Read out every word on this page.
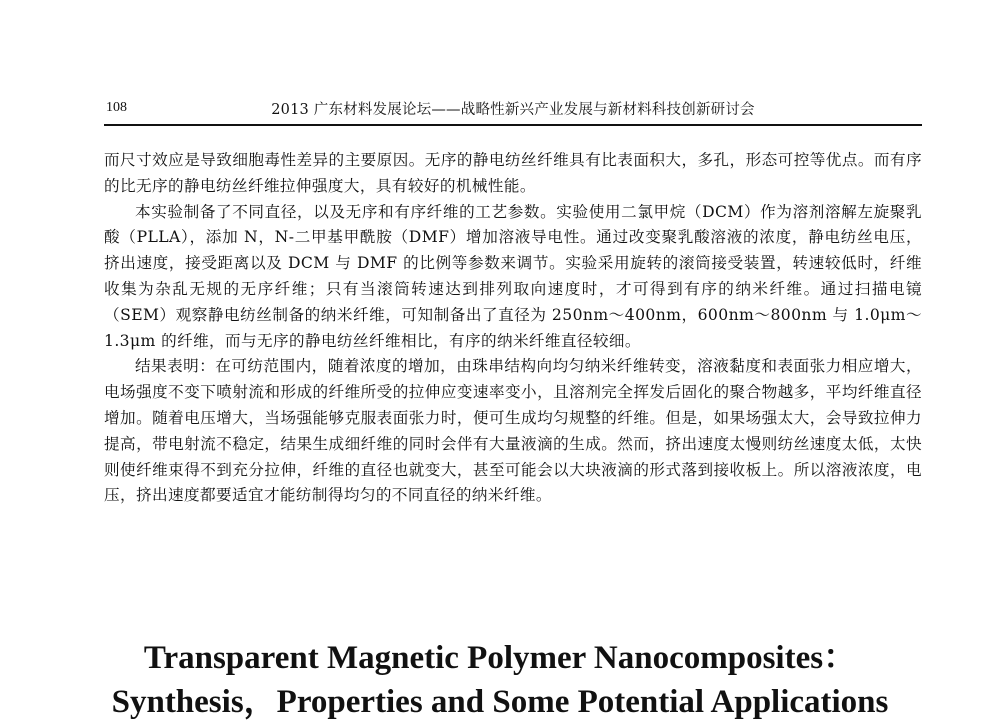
108	2013 广东材料发展论坛——战略性新兴产业发展与新材料科技创新研讨会

而尺寸效应是导致细胞毒性差异的主要原因。无序的静电纺丝纤维具有比表面积大，多孔，形态可控等优点。而有序的比无序的静电纺丝纤维拉伸强度大，具有较好的机械性能。

本实验制备了不同直径，以及无序和有序纤维的工艺参数。实验使用二氯甲烷（DCM）作为溶剂溶解左旋聚乳酸（PLLA），添加 N，N-二甲基甲酰胺（DMF）增加溶液导电性。通过改变聚乳酸溶液的浓度，静电纺丝电压，挤出速度，接受距离以及 DCM 与 DMF 的比例等参数来调节。实验采用旋转的滚筒接受装置，转速较低时，纤维收集为杂乱无规的无序纤维；只有当滚筒转速达到排列取向速度时，才可得到有序的纳米纤维。通过扫描电镜（SEM）观察静电纺丝制备的纳米纤维，可知制备出了直径为 250nm～400nm，600nm～800nm 与 1.0μm～1.3μm 的纤维，而与无序的静电纺丝纤维相比，有序的纳米纤维直径较细。

结果表明：在可纺范围内，随着浓度的增加，由珠串结构向均匀纳米纤维转变，溶液黏度和表面张力相应增大，电场强度不变下喷射流和形成的纤维所受的拉伸应变速率变小，且溶剂完全挥发后固化的聚合物越多，平均纤维直径增加。随着电压增大，当场强能够克服表面张力时，便可生成均匀规整的纤维。但是，如果场强太大，会导致拉伸力提高，带电射流不稳定，结果生成细纤维的同时会伴有大量液滴的生成。然而，挤出速度太慢则纺丝速度太低，太快则使纤维束得不到充分拉伸，纤维的直径也就变大，甚至可能会以大块液滴的形式落到接收板上。所以溶液浓度，电压，挤出速度都要适宜才能纺制得均匀的不同直径的纳米纤维。

Transparent Magnetic Polymer Nanocomposites：
Synthesis，Properties and Some Potential Applications
